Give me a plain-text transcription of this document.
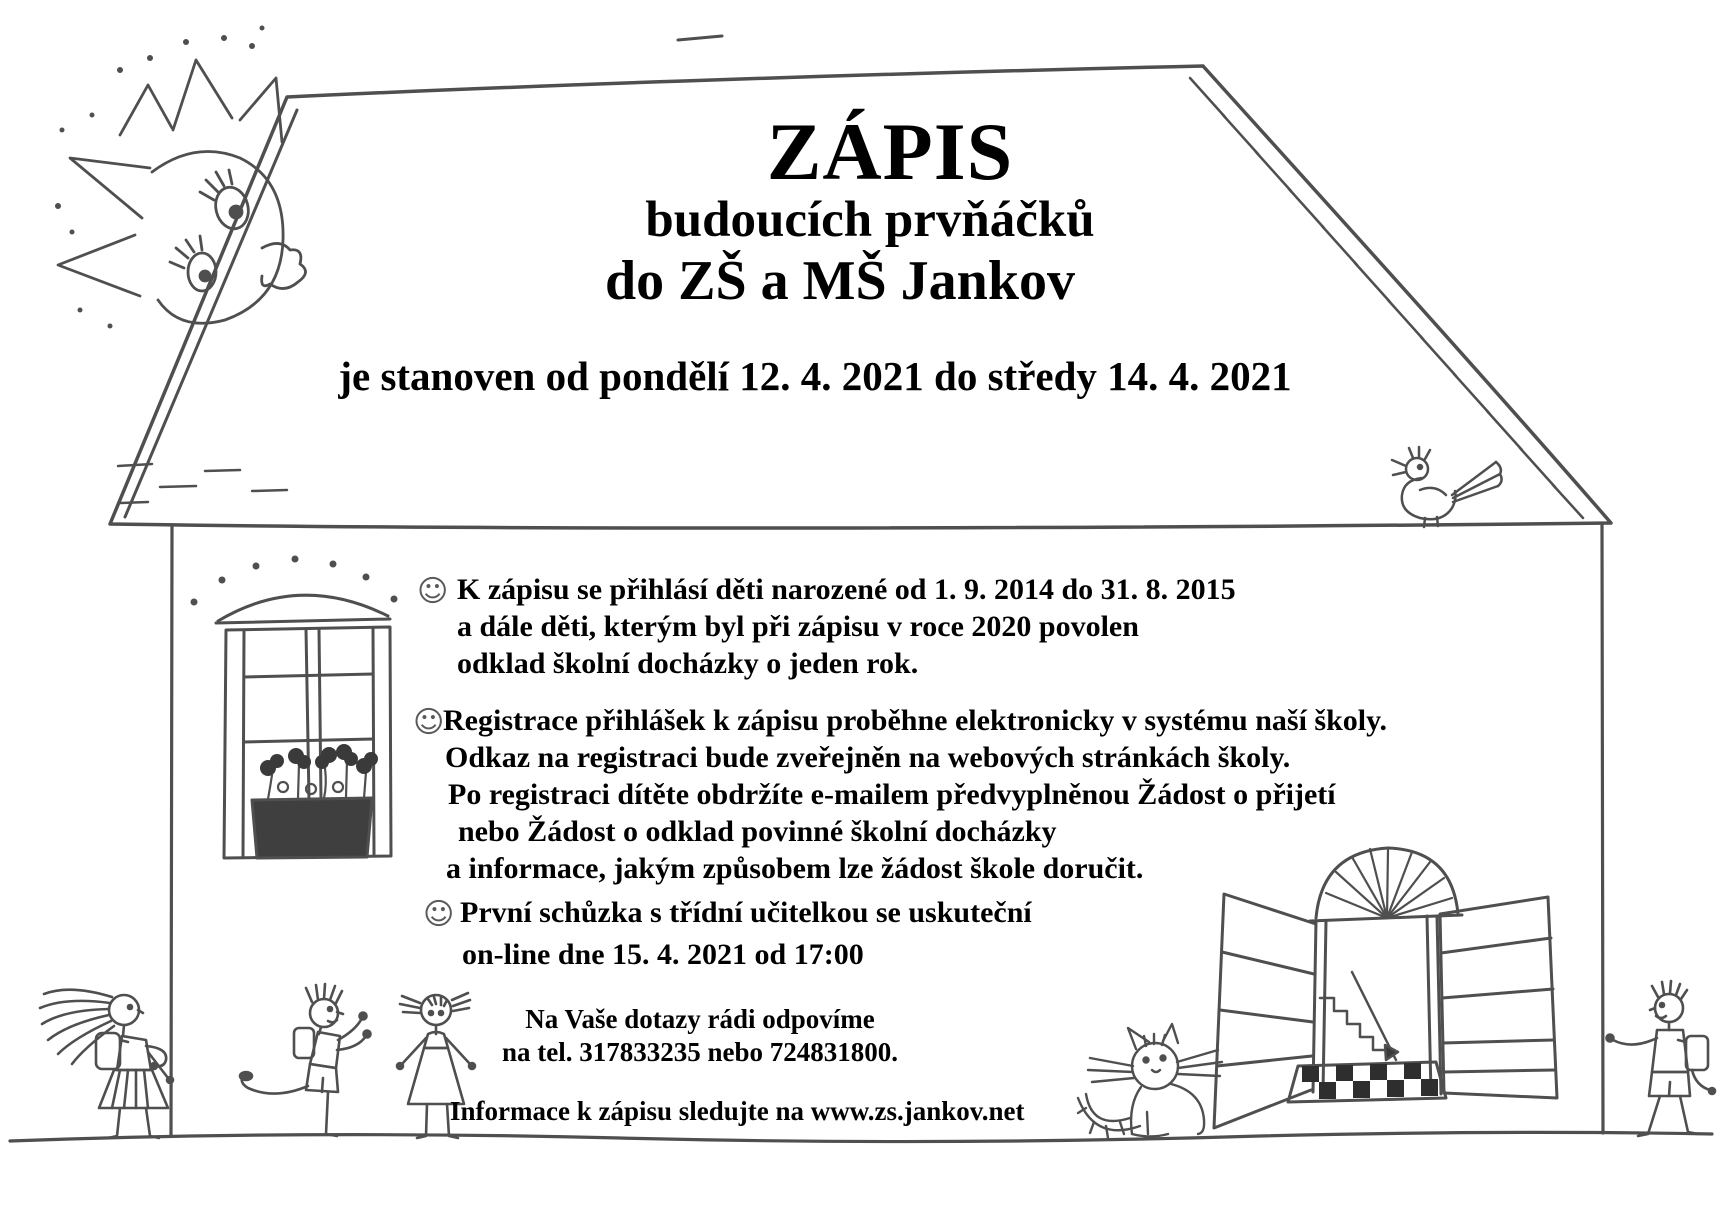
ZÁPIS
budoucích prvňáčků
do ZŠ a MŠ Jankov
je stanoven od pondělí 12. 4. 2021 do středy 14. 4. 2021
☺ K zápisu se přihlásí děti narozené od 1. 9. 2014 do 31. 8. 2015
a dále děti, kterým byl při zápisu v roce 2020 povolen
odklad školní docházky o jeden rok.
☺
Registrace přihlášek k zápisu proběhne elektronicky v systému naší školy.
Odkaz na registraci bude zveřejněn na webových stránkách školy.
Po registraci dítěte obdržíte e-mailem předvyplněnou Žádost o přijetí
nebo Žádost o odklad povinné školní docházky
a informace, jakým způsobem lze žádost škole doručit.
☺ První schůzka s třídní učitelkou se uskuteční
on-line dne 15. 4. 2021 od 17:00
Na Vaše dotazy rádi odpovíme
na tel. 317833235 nebo 724831800.
Informace k zápisu sledujte na www.zs.jankov.net
